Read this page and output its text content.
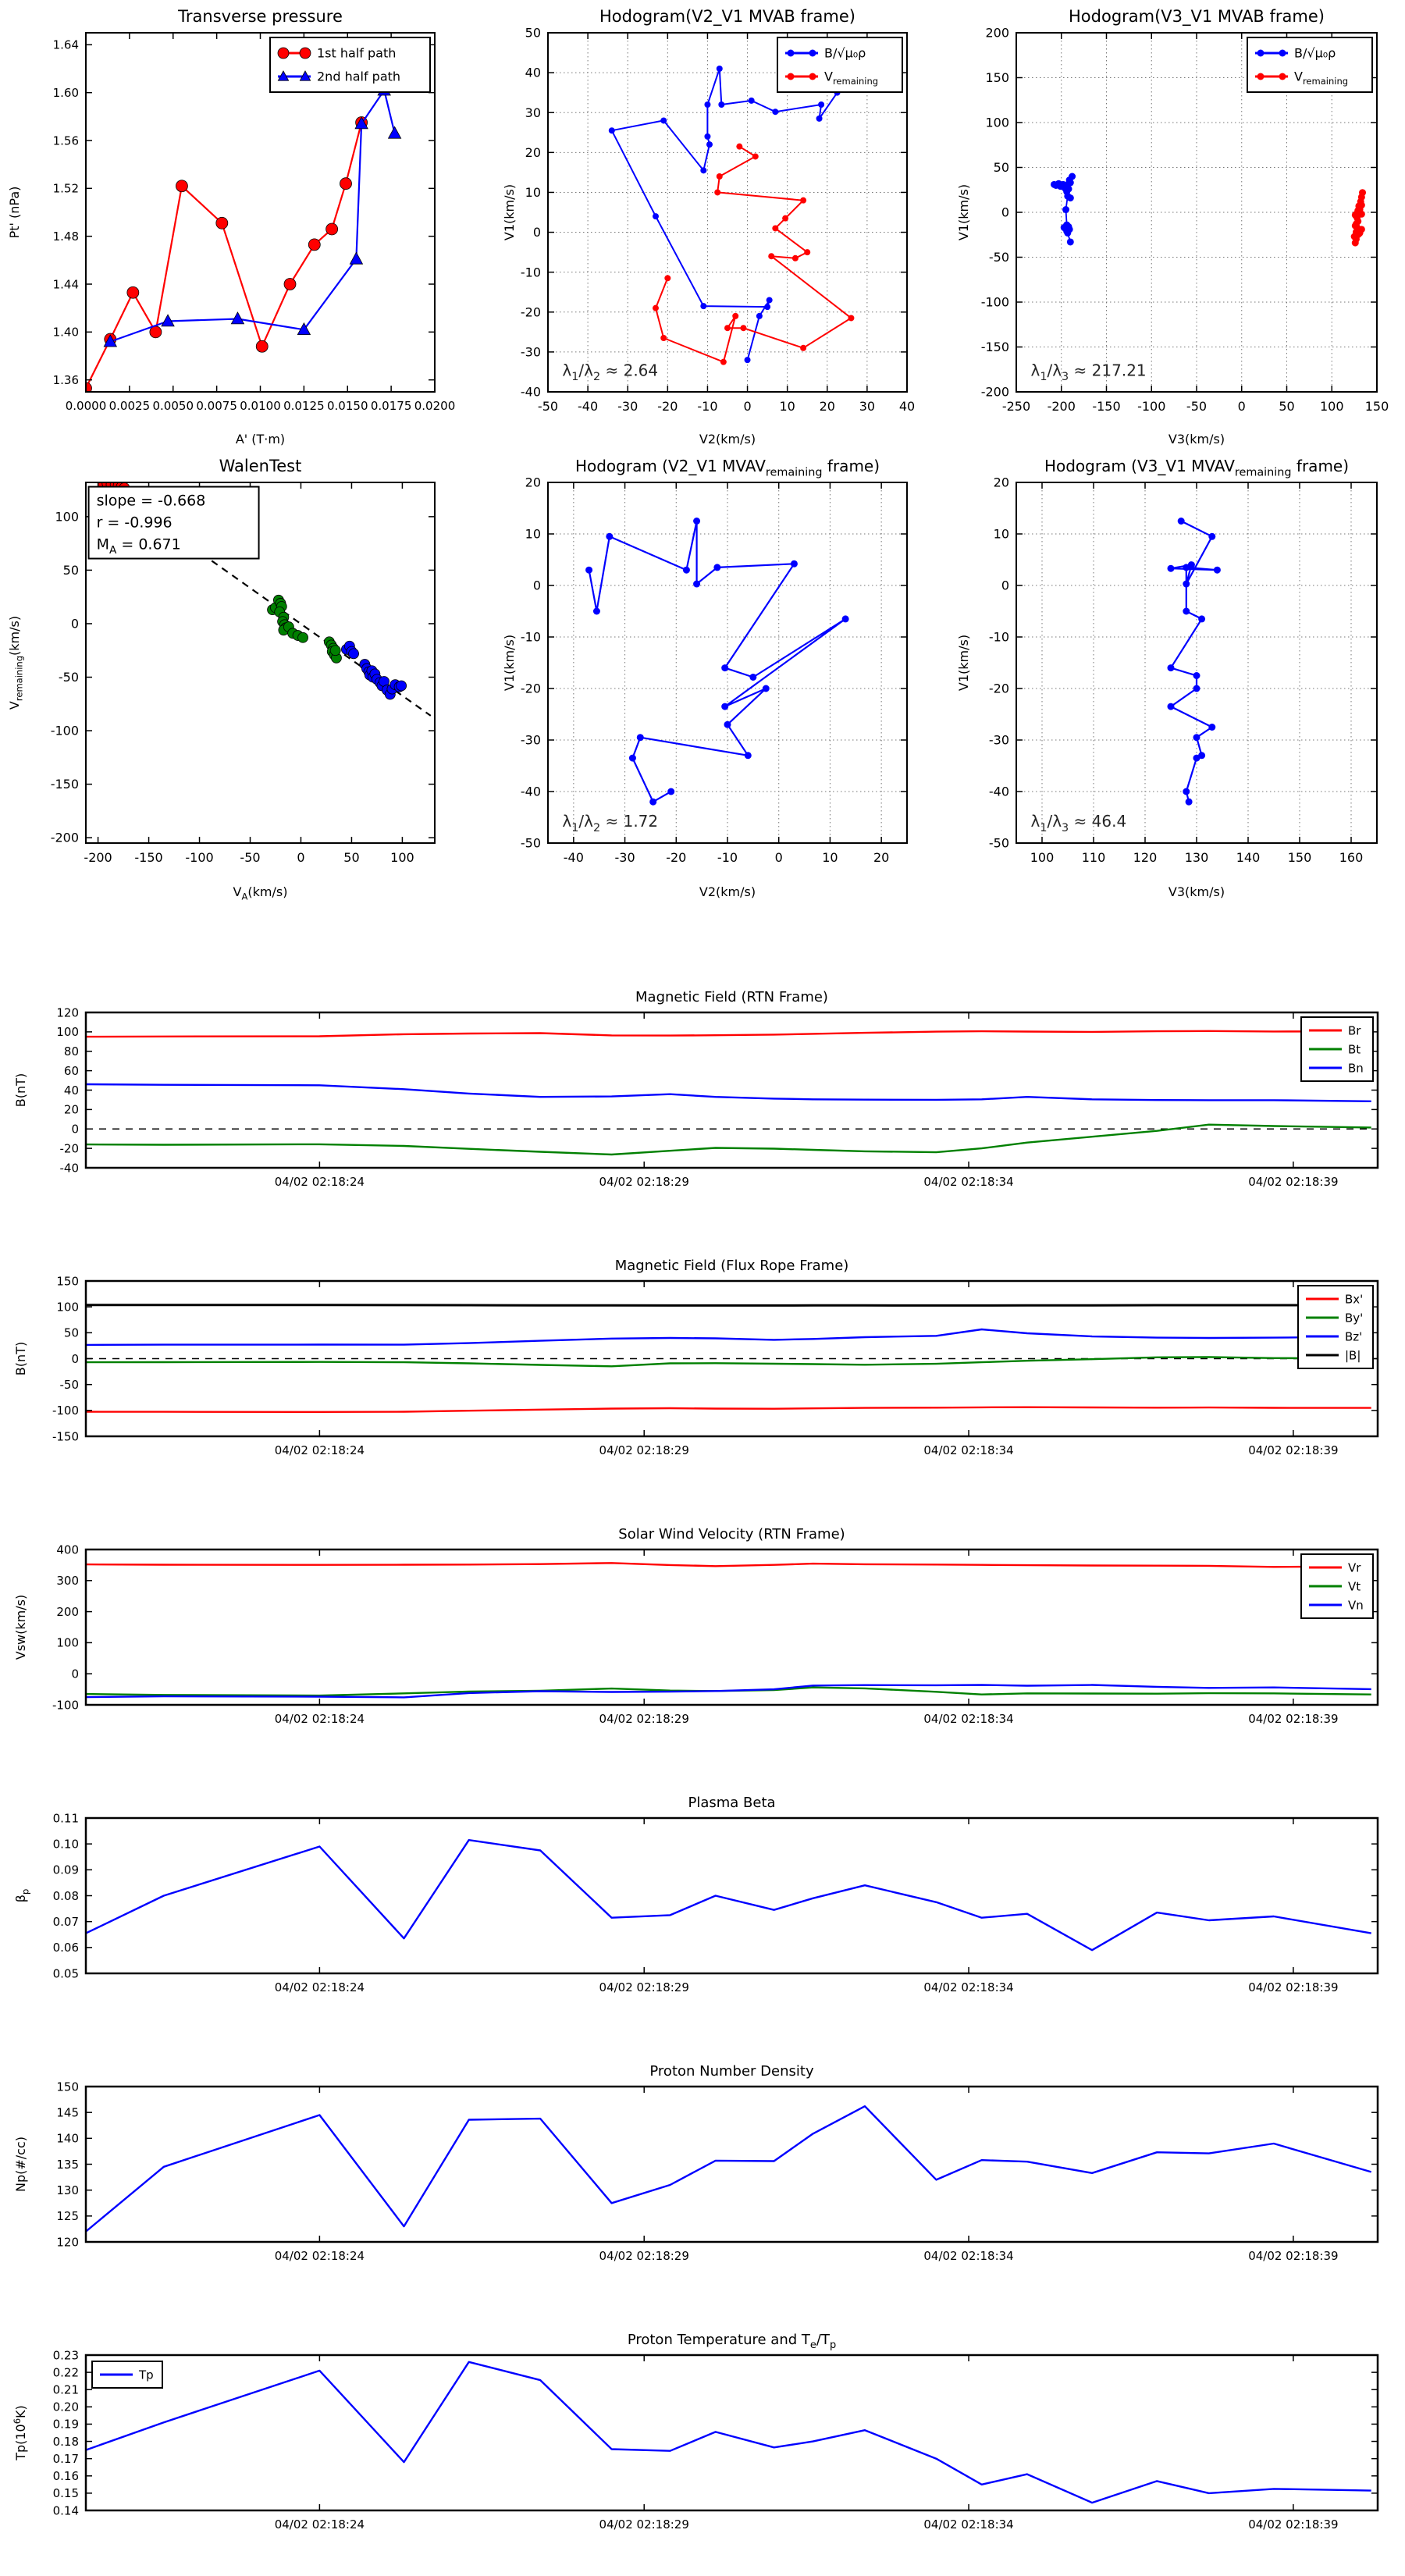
0.0000 0.0025 0.0050 0.0075 0.0100 0.0125 0.0150 0.0175 0.0200
1.36
1.40
1.44
1.48
1.52
1.56
1.60
1.64
Transverse pressure
A' (T·m)
Pt' (nPa)
1st half path
2nd half path
-50 -40 -30 -20 -10 0 10 20 30 40
-40
-30
-20
-10
0
10
20
30
40
50
Hodogram(V2_V1 MVAB frame)
V2(km/s)
V1(km/s)
$\lambda_1/\lambda_2 \approx 2.64$
B/√μ₀ρ
$V_{remaining}$
-250 -200 -150 -100 -50 0	50 100 150
-200
-150
-100
-50
0
50
100
150
200
Hodogram(V3_V1 MVAB frame)
V3(km/s)
V1(km/s)
$\lambda_1/\lambda_3 \approx 217.21$
B/√μ₀ρ
$V_{remaining}$
-200 -150 -100 -50	0	50 100
-200
-150
-100
-50
0
50
100
WalenTest
$V_A(km/s)$
$V_{remaining}(km/s)$
slope = -0.668
r = -0.996
$M_A = 0.671$
-40 -30 -20 -10	0	10	20
-50
-40
-30
-20
-10
0
10
20
Hodogram (V2_V1 $MVAV_{remaining}$ frame)
V2(km/s)
V1(km/s)
$\lambda_1/\lambda_2 \approx 1.72$
100 110 120 130 140 150 160
-50
-40
-30
-20
-10
0
10
20
Hodogram (V3_V1 $MVAV_{remaining}$ frame)
V3(km/s)
V1(km/s)
$\lambda_1/\lambda_3 \approx 46.4$
04/02 02:18:24	04/02 02:18:29	04/02 02:18:34	04/02 02:18:39
-40
-20
0
20
40
60
80
100
120
Magnetic Field (RTN Frame)
B(nT)
Br
Bt
Bn
04/02 02:18:24	04/02 02:18:29	04/02 02:18:34	04/02 02:18:39
-150
-100
-50
0
50
100
150
Magnetic Field (Flux Rope Frame)
B(nT)
Bx'
By'
Bz'
|B|
04/02 02:18:24	04/02 02:18:29	04/02 02:18:34	04/02 02:18:39
-100
0
100
200
300
400
Solar Wind Velocity (RTN Frame)
Vsw(km/s)
Vr
Vt
Vn
04/02 02:18:24	04/02 02:18:29	04/02 02:18:34	04/02 02:18:39
0.05
0.06
0.07
0.08
0.09
0.10
0.11
Plasma Beta
$\beta_p$
04/02 02:18:24	04/02 02:18:29	04/02 02:18:34	04/02 02:18:39
120
125
130
135
140
145
150
Proton Number Density
Np(#/cc)
04/02 02:18:24	04/02 02:18:29	04/02 02:18:34	04/02 02:18:39
0.14
0.15
0.16
0.17
0.18
0.19
0.20
0.21
0.22
0.23
Proton Temperature and $T_e/T_p$
$Tp(10^6K)$
Tp
